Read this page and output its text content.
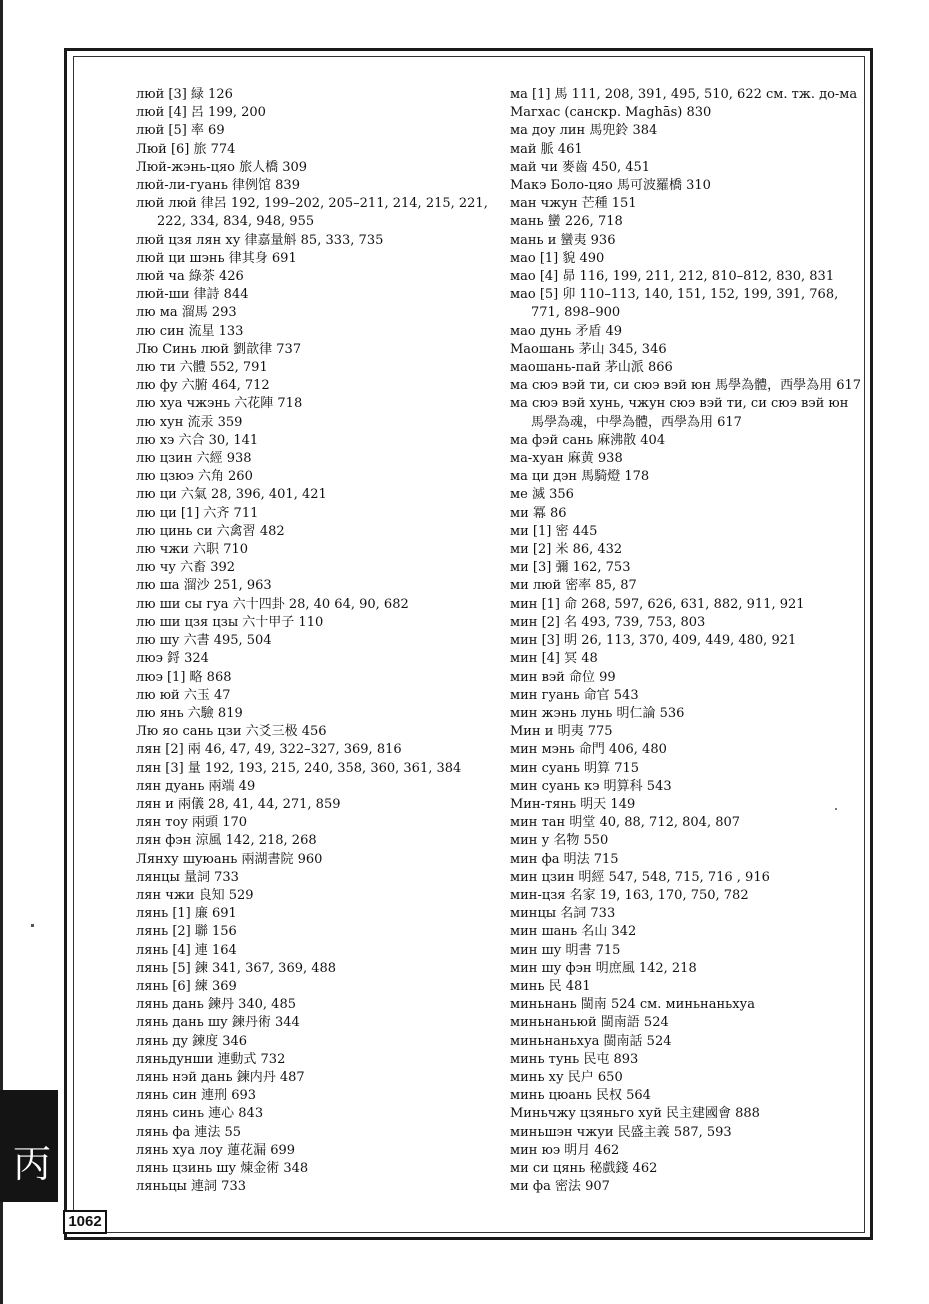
丙
1062
люй [3] 緑 126
люй [4] 呂 199, 200
люй [5] 率 69
Люй [6] 旅 774
Люй-жэнь-цяо 旅人橋 309
люй-ли-гуань 律例馆 839
люй люй 律呂 192, 199–202, 205–211, 214, 215, 221, 222, 334, 834, 948, 955
люй цзя лян ху 律嘉量斛 85, 333, 735
люй ци шэнь 律其身 691
люй ча 綠茶 426
люй-ши 律詩 844
лю ма 溜馬 293
лю син 流星 133
Лю Синь люй 劉歆律 737
лю ти 六體 552, 791
лю фу 六腑 464, 712
лю хуа чжэнь 六花陣 718
лю хун 流汞 359
лю хэ 六合 30, 141
лю цзин 六經 938
лю цзюэ 六角 260
лю ци 六氣 28, 396, 401, 421
лю ци [1] 六齐 711
лю цинь си 六禽習 482
лю чжи 六职 710
лю чу 六畜 392
лю ша 溜沙 251, 963
лю ши сы гуа 六十四卦 28, 40 64, 90, 682
лю ши цзя цзы 六十甲子 110
лю шу 六書 495, 504
люэ 鋝 324
люэ [1] 略 868
лю юй 六玉 47
лю янь 六驗 819
Лю яо сань цзи 六爻三极 456
лян [2] 兩 46, 47, 49, 322–327, 369, 816
лян [3] 量 192, 193, 215, 240, 358, 360, 361, 384
лян дуань 兩端 49
лян и 兩儀 28, 41, 44, 271, 859
лян тоу 兩頭 170
лян фэн 涼風 142, 218, 268
Лянху шуюань 兩湖書院 960
лянцы 量詞 733
лян чжи 良知 529
лянь [1] 廉 691
лянь [2] 聯 156
лянь [4] 連 164
лянь [5] 鍊 341, 367, 369, 488
лянь [6] 練 369
лянь дань 鍊丹 340, 485
лянь дань шу 鍊丹術 344
лянь ду 鍊度 346
ляньдунши 連動式 732
лянь нэй дань 鍊内丹 487
лянь син 連刑 693
лянь синь 連心 843
лянь фа 連法 55
лянь хуа лоу 蓮花漏 699
лянь цзинь шу 煉金術 348
ляньцы 連詞 733
ма [1] 馬 111, 208, 391, 495, 510, 622 см. тж. до-ма
Магхас (санскр. Maghās) 830
ма доу лин 馬兜鈴 384
май 脈 461
май чи 麥齒 450, 451
Макэ Боло-цяо 馬可波羅橋 310
ман чжун 芒種 151
мань 蠻 226, 718
мань и 蠻夷 936
мао [1] 貌 490
мао [4] 昴 116, 199, 211, 212, 810–812, 830, 831
мао [5] 卯 110–113, 140, 151, 152, 199, 391, 768, 771, 898–900
мао дунь 矛盾 49
Маошань 茅山 345, 346
маошань-пай 茅山派 866
ма сюэ вэй ти, си сюэ вэй юн 馬學為體，西學為用 617
ма сюэ вэй хунь, чжун сюэ вэй ти, си сюэ вэй юн 馬學為魂，中學為體，西學為用 617
ма фэй сань 麻沸散 404
ма-хуан 麻黄 938
ма ци дэн 馬騎燈 178
ме 滅 356
ми 冪 86
ми [1] 密 445
ми [2] 米 86, 432
ми [3] 彌 162, 753
ми люй 密率 85, 87
мин [1] 命 268, 597, 626, 631, 882, 911, 921
мин [2] 名 493, 739, 753, 803
мин [3] 明 26, 113, 370, 409, 449, 480, 921
мин [4] 冥 48
мин вэй 命位 99
мин гуань 命官 543
мин жэнь лунь 明仁論 536
Мин и 明夷 775
мин мэнь 命門 406, 480
мин суань 明算 715
мин суань кэ 明算科 543
Мин-тянь 明天 149
мин тан 明堂 40, 88, 712, 804, 807
мин у 名物 550
мин фа 明法 715
мин цзин 明經 547, 548, 715, 716 , 916
мин-цзя 名家 19, 163, 170, 750, 782
минцы 名詞 733
мин шань 名山 342
мин шу 明書 715
мин шу фэн 明庶風 142, 218
минь 民 481
миньнань 閩南 524 см. миньнаньхуа
миньнаньюй 閩南語 524
миньнаньхуа 閩南話 524
минь тунь 民屯 893
минь ху 民户 650
минь цюань 民权 564
Миньчжу цзяньго хуй 民主建國會 888
миньшэн чжуи 民盛主義 587, 593
мин юэ 明月 462
ми си цянь 秘戲錢 462
ми фа 密法 907
